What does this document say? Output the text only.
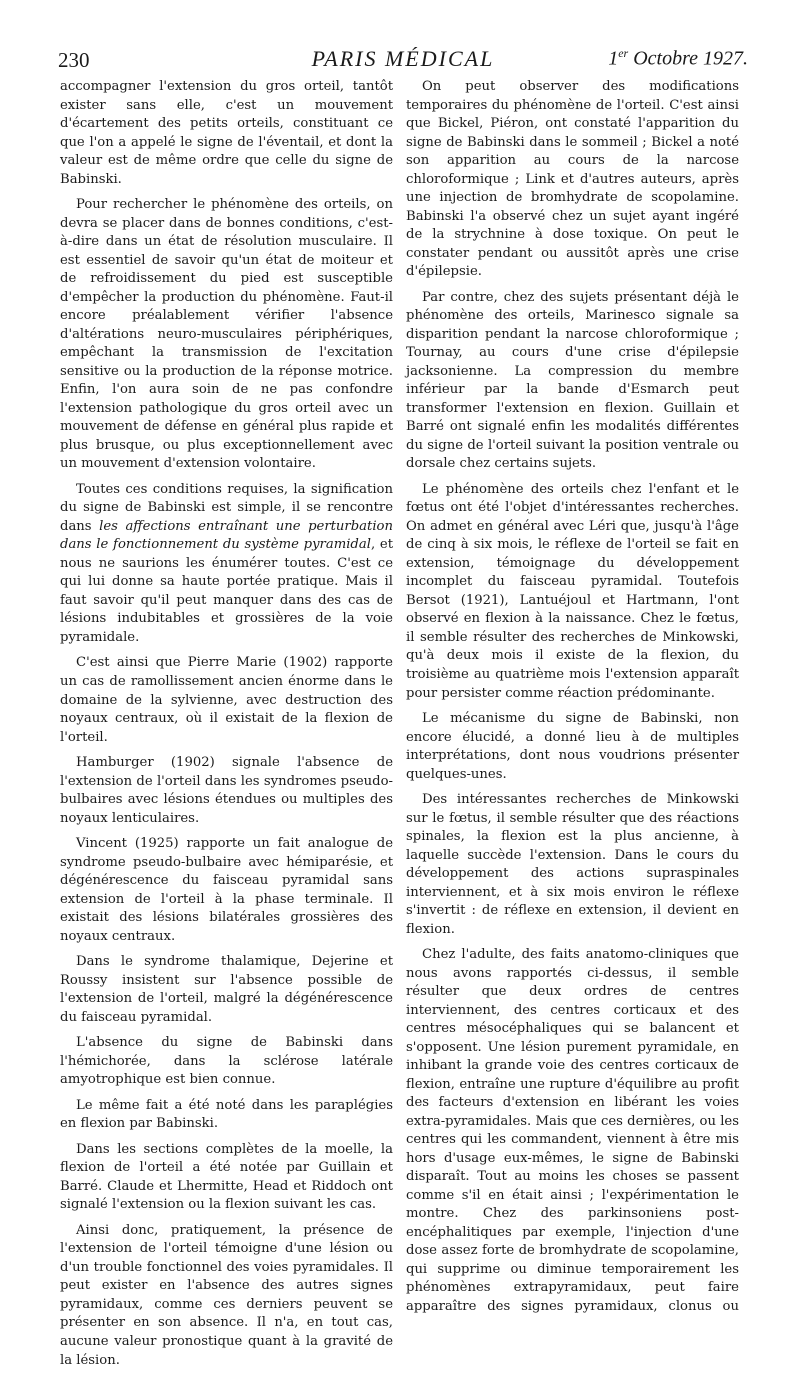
230	PARIS MÉDICAL	1er Octobre 1927.

accompagner l'extension du gros orteil, tantôt exister sans elle, c'est un mouvement d'écartement des petits orteils, constituant ce que l'on a appelé le signe de l'éventail, et dont la valeur est de même ordre que celle du signe de Babinski.

Pour rechercher le phénomène des orteils, on devra se placer dans de bonnes conditions, c'est-à-dire dans un état de résolution musculaire. Il est essentiel de savoir qu'un état de moiteur et de refroidissement du pied est susceptible d'empêcher la production du phénomène. Faut-il encore préalablement vérifier l'absence d'altérations neuro-musculaires périphériques, empêchant la transmission de l'excitation sensitive ou la production de la réponse motrice. Enfin, l'on aura soin de ne pas confondre l'extension pathologique du gros orteil avec un mouvement de défense en général plus rapide et plus brusque, ou plus exceptionnellement avec un mouvement d'extension volontaire.

Toutes ces conditions requises, la signification du signe de Babinski est simple, il se rencontre dans les affections entraînant une perturbation dans le fonctionnement du système pyramidal, et nous ne saurions les énumérer toutes. C'est ce qui lui donne sa haute portée pratique. Mais il faut savoir qu'il peut manquer dans des cas de lésions indubitables et grossières de la voie pyramidale.

C'est ainsi que Pierre Marie (1902) rapporte un cas de ramollissement ancien énorme dans le domaine de la sylvienne, avec destruction des noyaux centraux, où il existait de la flexion de l'orteil.

Hamburger (1902) signale l'absence de l'extension de l'orteil dans les syndromes pseudo-bulbaires avec lésions étendues ou multiples des noyaux lenticulaires.

Vincent (1925) rapporte un fait analogue de syndrome pseudo-bulbaire avec hémiparésie, et dégénérescence du faisceau pyramidal sans extension de l'orteil à la phase terminale. Il existait des lésions bilatérales grossières des noyaux centraux.

Dans le syndrome thalamique, Dejerine et Roussy insistent sur l'absence possible de l'extension de l'orteil, malgré la dégénérescence du faisceau pyramidal.

L'absence du signe de Babinski dans l'hémichorée, dans la sclérose latérale amyotrophique est bien connue.

Le même fait a été noté dans les paraplégies en flexion par Babinski.

Dans les sections complètes de la moelle, la flexion de l'orteil a été notée par Guillain et Barré. Claude et Lhermitte, Head et Riddoch ont signalé l'extension ou la flexion suivant les cas.

Ainsi donc, pratiquement, la présence de l'extension de l'orteil témoigne d'une lésion ou d'un trouble fonctionnel des voies pyramidales. Il peut exister en l'absence des autres signes pyramidaux, comme ces derniers peuvent se présenter en son absence. Il n'a, en tout cas, aucune valeur pronostique quant à la gravité de la lésion.

On peut observer des modifications temporaires du phénomène de l'orteil. C'est ainsi que Bickel, Piéron, ont constaté l'apparition du signe de Babinski dans le sommeil ; Bickel a noté son apparition au cours de la narcose chloroformique ; Link et d'autres auteurs, après une injection de bromhydrate de scopolamine. Babinski l'a observé chez un sujet ayant ingéré de la strychnine à dose toxique. On peut le constater pendant ou aussitôt après une crise d'épilepsie.

Par contre, chez des sujets présentant déjà le phénomène des orteils, Marinesco signale sa disparition pendant la narcose chloroformique ; Tournay, au cours d'une crise d'épilepsie jacksonienne. La compression du membre inférieur par la bande d'Esmarch peut transformer l'extension en flexion. Guillain et Barré ont signalé enfin les modalités différentes du signe de l'orteil suivant la position ventrale ou dorsale chez certains sujets.

Le phénomène des orteils chez l'enfant et le fœtus ont été l'objet d'intéressantes recherches. On admet en général avec Léri que, jusqu'à l'âge de cinq à six mois, le réflexe de l'orteil se fait en extension, témoignage du développement incomplet du faisceau pyramidal. Toutefois Bersot (1921), Lantuéjoul et Hartmann, l'ont observé en flexion à la naissance. Chez le fœtus, il semble résulter des recherches de Minkowski, qu'à deux mois il existe de la flexion, du troisième au quatrième mois l'extension apparaît pour persister comme réaction prédominante.

Le mécanisme du signe de Babinski, non encore élucidé, a donné lieu à de multiples interprétations, dont nous voudrions présenter quelques-unes.

Des intéressantes recherches de Minkowski sur le fœtus, il semble résulter que des réactions spinales, la flexion est la plus ancienne, à laquelle succède l'extension. Dans le cours du développement des actions supraspinales interviennent, et à six mois environ le réflexe s'invertit : de réflexe en extension, il devient en flexion.

Chez l'adulte, des faits anatomo-cliniques que nous avons rapportés ci-dessus, il semble résulter que deux ordres de centres interviennent, des centres corticaux et des centres mésocéphaliques qui se balancent et s'opposent. Une lésion purement pyramidale, en inhibant la grande voie des centres corticaux de flexion, entraîne une rupture d'équilibre au profit des facteurs d'extension en libérant les voies extra-pyramidales. Mais que ces dernières, ou les centres qui les commandent, viennent à être mis hors d'usage eux-mêmes, le signe de Babinski disparaît. Tout au moins les choses se passent comme s'il en était ainsi ; l'expérimentation le montre. Chez des parkinsoniens post-encéphalitiques par exemple, l'injection d'une dose assez forte de bromhydrate de scopolamine, qui supprime ou diminue temporairement les phénomènes extrapyramidaux, peut faire apparaître des signes pyramidaux, clonus ou
